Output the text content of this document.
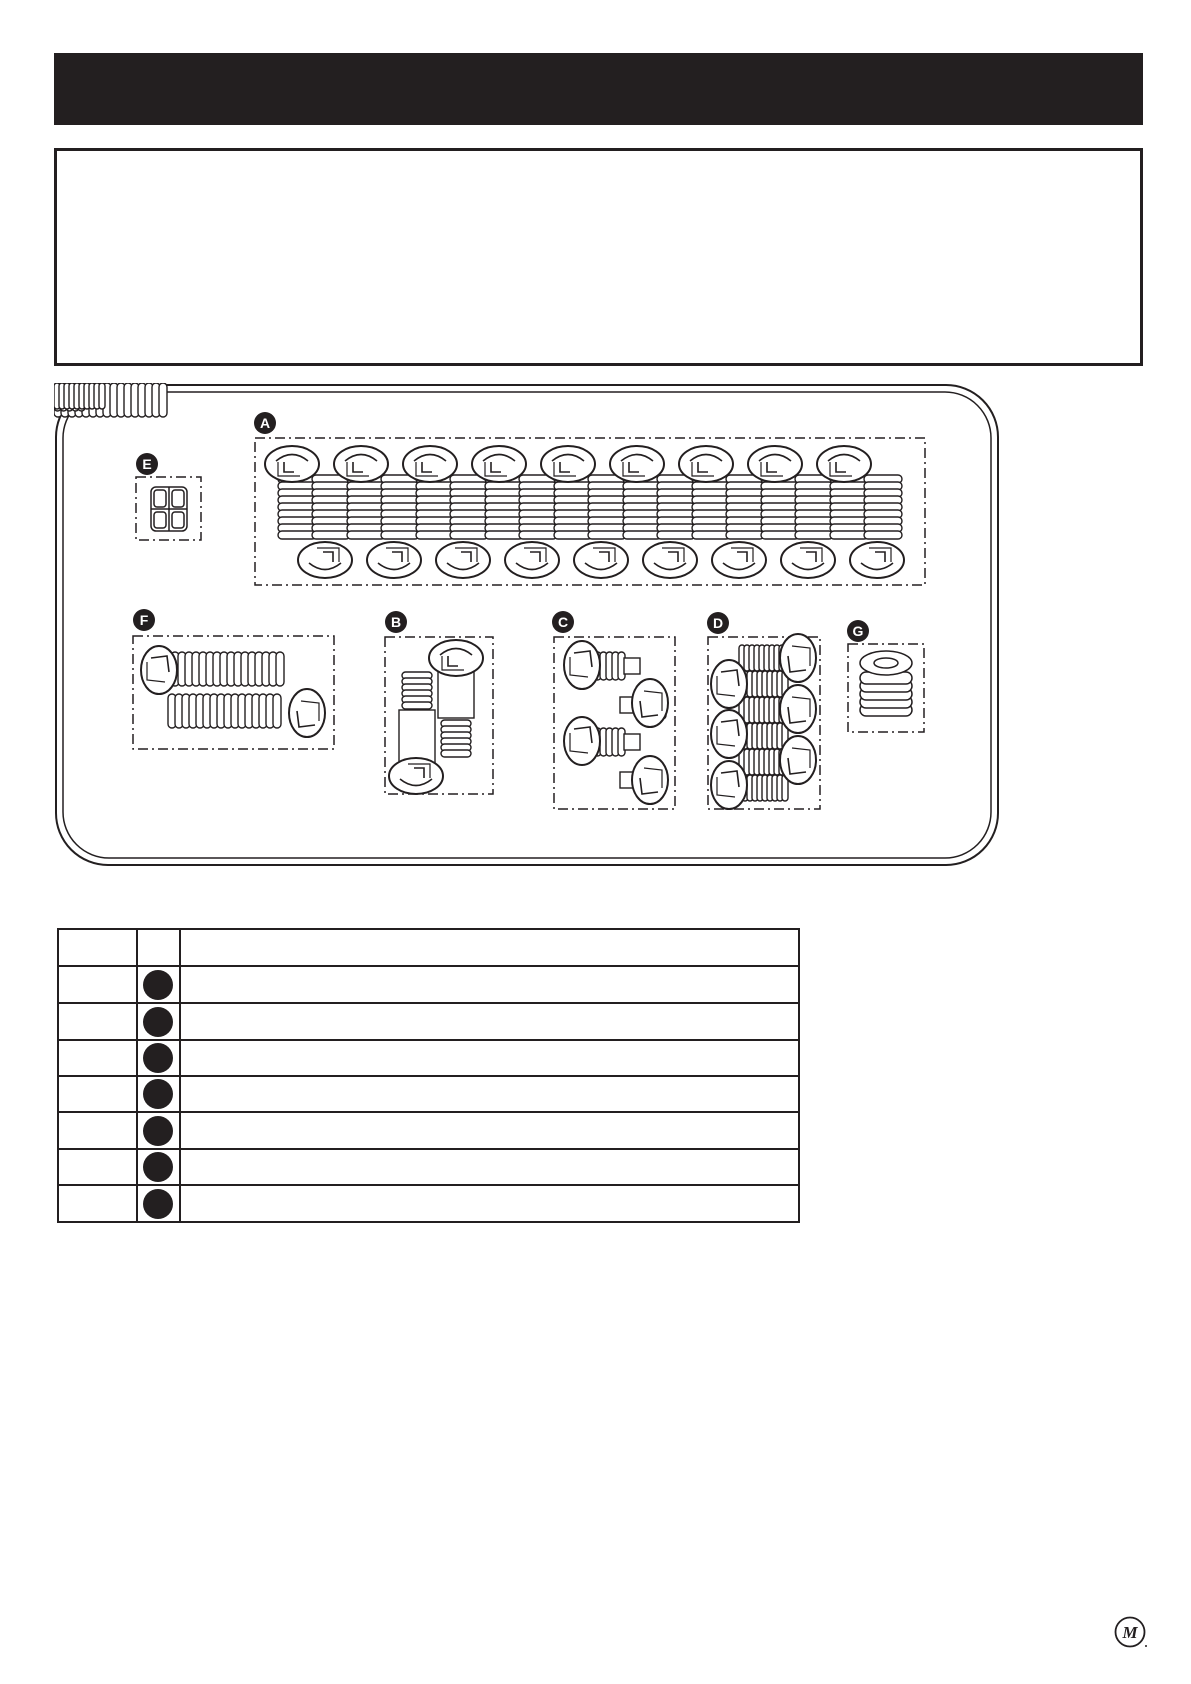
A
E
F	B	C	D	G
M
